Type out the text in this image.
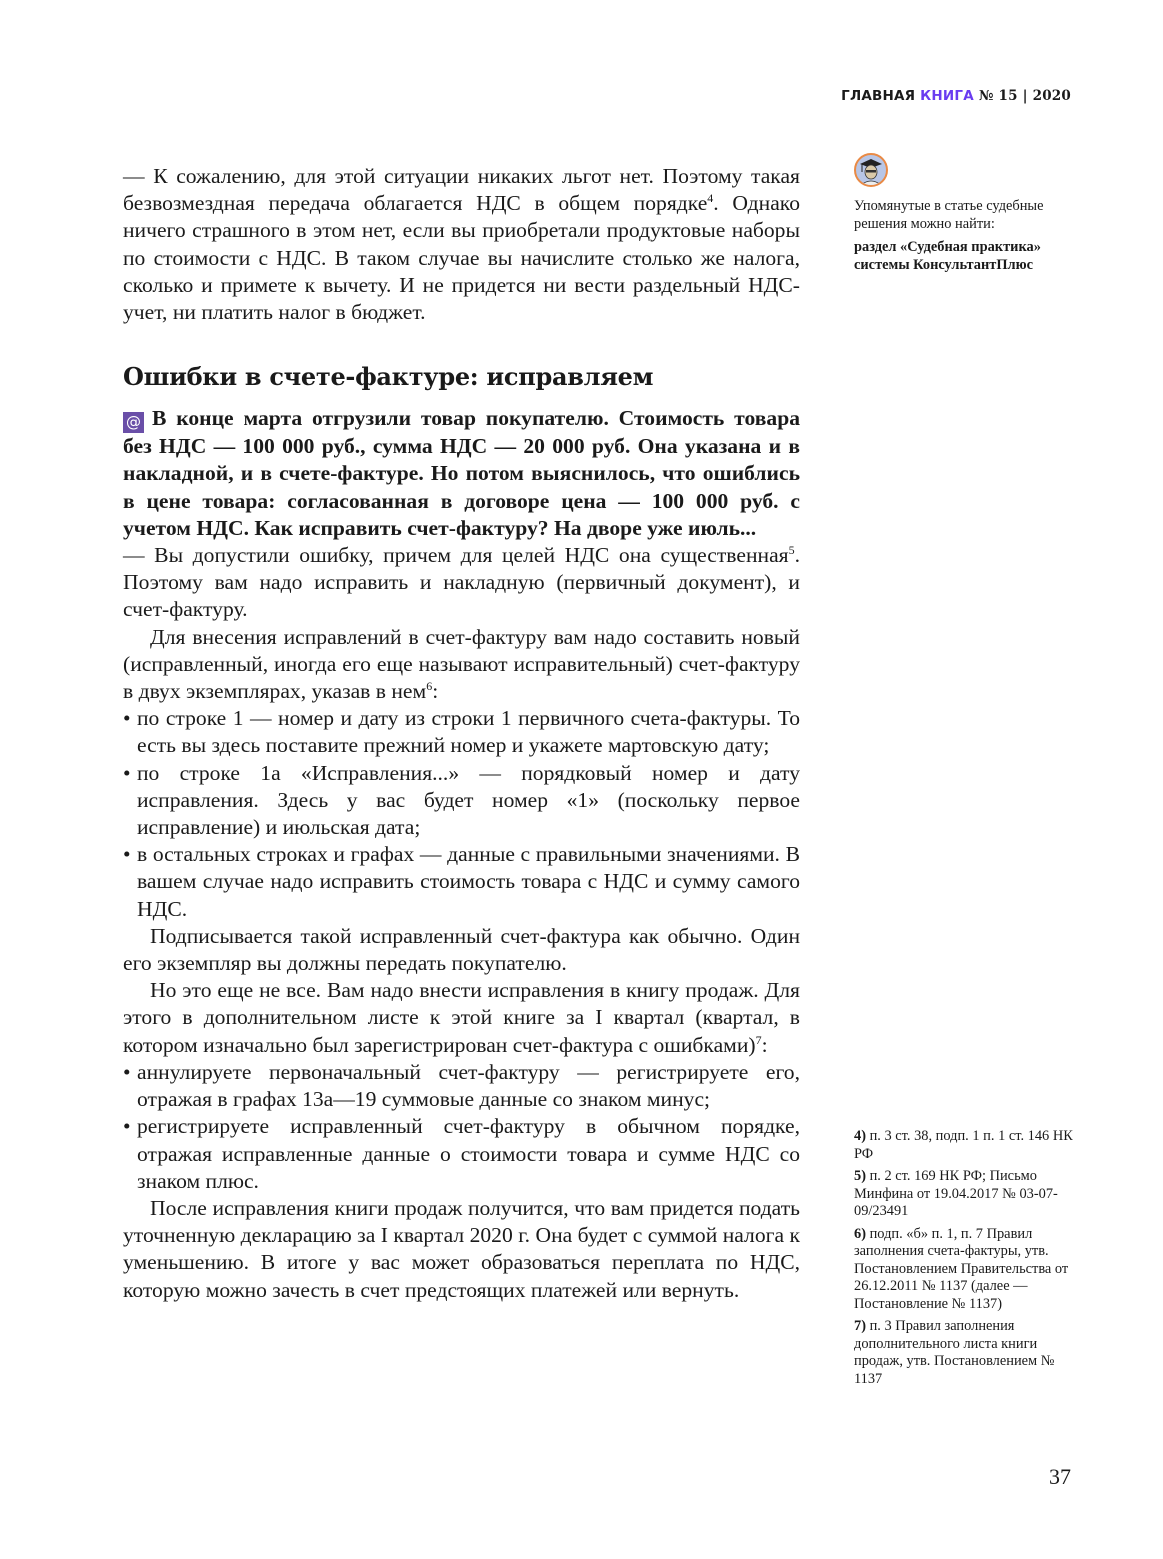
ГЛАВНАЯ КНИГА № 15 | 2020
Упомянутые в статье судебные решения можно найти:
раздел «Судебная практика» системы КонсультантПлюс

— К сожалению, для этой ситуации никаких льгот нет. Поэтому такая безвозмездная передача облагается НДС в общем порядке$^4$. Однако ничего страшного в этом нет, если вы приобретали продуктовые наборы по стоимости с НДС. В таком случае вы начислите столько же налога, сколько и примете к вычету. И не придется ни вести раздельный НДС-учет, ни платить налог в бюджет.

Ошибки в счете-фактуре: исправляем

@ В конце марта отгрузили товар покупателю. Стоимость товара без НДС — 100 000 руб., сумма НДС — 20 000 руб. Она указана и в накладной, и в счете-фактуре. Но потом выяснилось, что ошиблись в цене товара: согласованная в договоре цена — 100 000 руб. с учетом НДС. Как исправить счет-фактуру? На дворе уже июль...

— Вы допустили ошибку, причем для целей НДС она существенная$^5$. Поэтому вам надо исправить и накладную (первичный документ), и счет-фактуру.

Для внесения исправлений в счет-фактуру вам надо составить новый (исправленный, иногда его еще называют исправительный) счет-фактуру в двух экземплярах, указав в нем$^6$:

• по строке 1 — номер и дату из строки 1 первичного счета-фактуры. То есть вы здесь поставите прежний номер и укажете мартовскую дату;
• по строке 1а «Исправления...» — порядковый номер и дату исправления. Здесь у вас будет номер «1» (поскольку первое исправление) и июльская дата;
• в остальных строках и графах — данные с правильными значениями. В вашем случае надо исправить стоимость товара с НДС и сумму самого НДС.

Подписывается такой исправленный счет-фактура как обычно. Один его экземпляр вы должны передать покупателю.

Но это еще не все. Вам надо внести исправления в книгу продаж. Для этого в дополнительном листе к этой книге за I квартал (квартал, в котором изначально был зарегистрирован счет-фактура с ошибками)$^7$:

• аннулируете первоначальный счет-фактуру — регистрируете его, отражая в графах 13а—19 суммовые данные со знаком минус;
• регистрируете исправленный счет-фактуру в обычном порядке, отражая исправленные данные о стоимости товара и сумме НДС со знаком плюс.

После исправления книги продаж получится, что вам придется подать уточненную декларацию за I квартал 2020 г. Она будет с суммой налога к уменьшению. В итоге у вас может образоваться переплата по НДС, которую можно зачесть в счет предстоящих платежей или вернуть.

4) п. 3 ст. 38, подп. 1 п. 1 ст. 146 НК РФ
5) п. 2 ст. 169 НК РФ; Письмо Минфина от 19.04.2017 № 03-07-09/23491
6) подп. «б» п. 1, п. 7 Правил заполнения счета-фактуры, утв. Постановлением Правительства от 26.12.2011 № 1137 (далее — Постановление № 1137)
7) п. 3 Правил заполнения дополнительного листа книги продаж, утв. Постановлением № 1137
37
